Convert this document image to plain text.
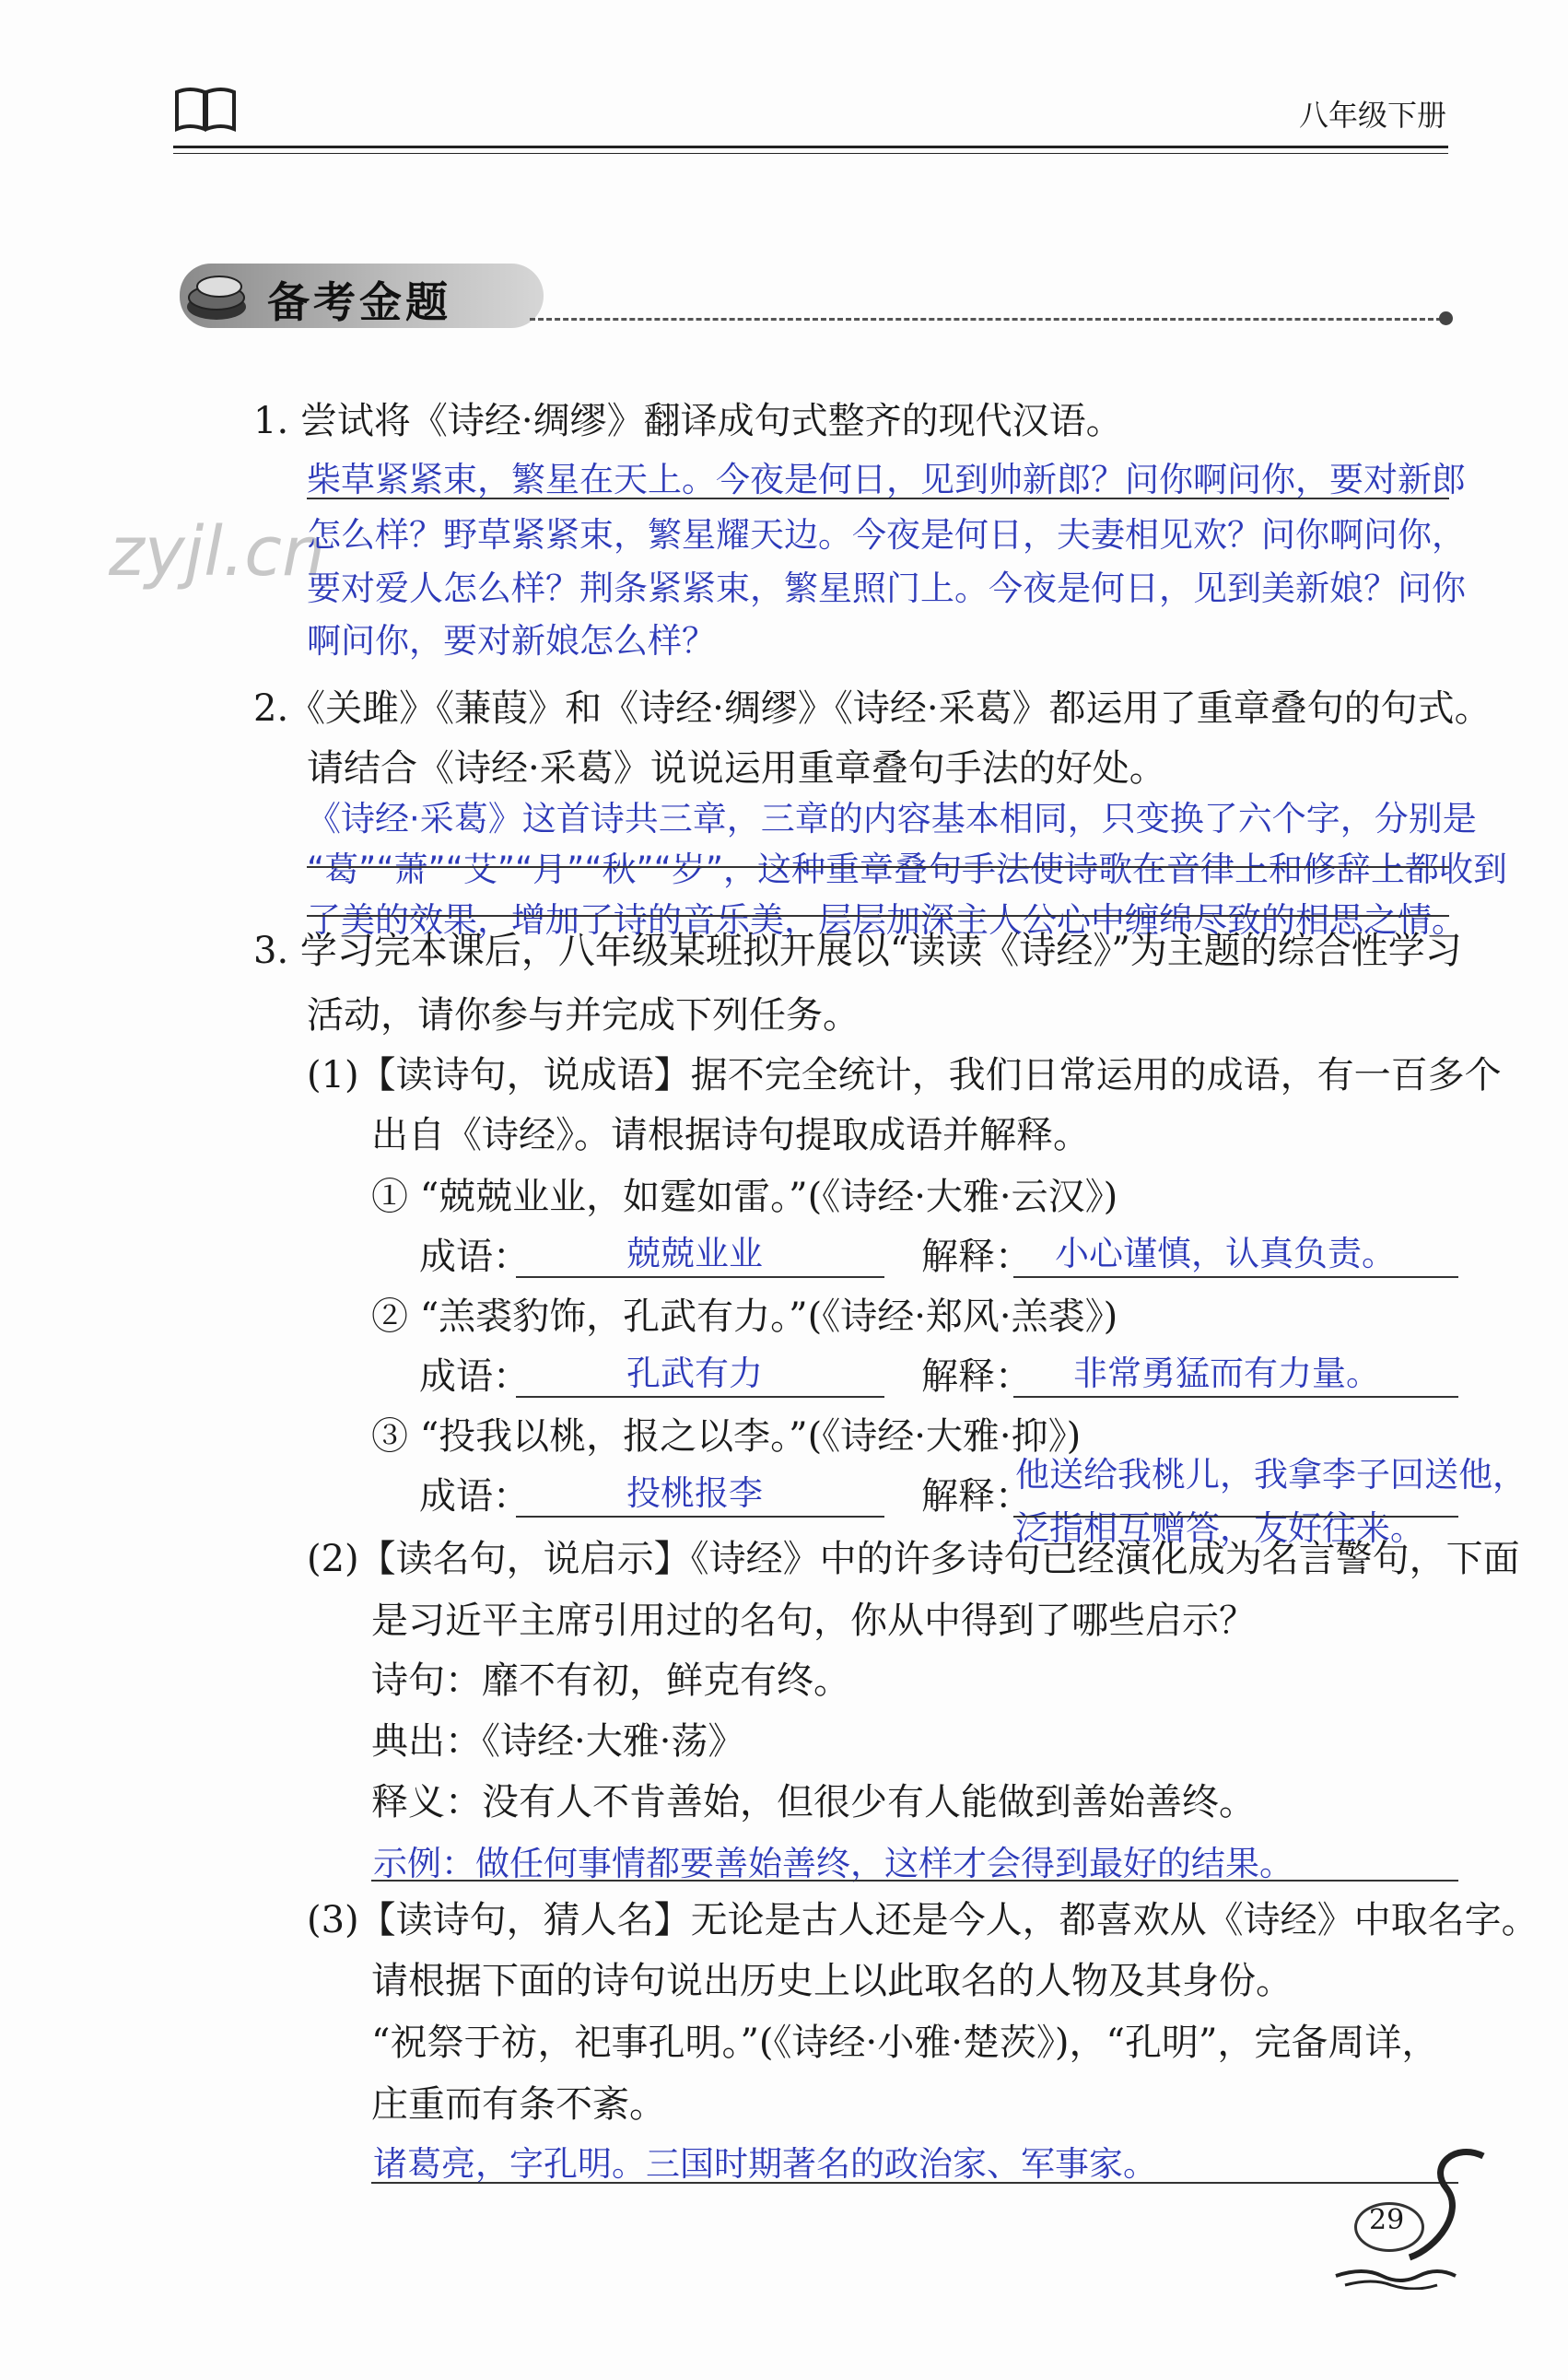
八年级下册
备考金题
zyjl.cn
1. 尝试将《诗经·绸缪》翻译成句式整齐的现代汉语。
柴草紧紧束，繁星在天上。今夜是何日，见到帅新郎？问你啊问你，要对新郎
怎么样？野草紧紧束，繁星耀天边。今夜是何日，夫妻相见欢？问你啊问你，
要对爱人怎么样？荆条紧紧束，繁星照门上。今夜是何日，见到美新娘？问你
啊问你，要对新娘怎么样？
2.《关雎》《蒹葭》和《诗经·绸缪》《诗经·采葛》都运用了重章叠句的句式。
请结合《诗经·采葛》说说运用重章叠句手法的好处。
《诗经·采葛》这首诗共三章，三章的内容基本相同，只变换了六个字，分别是
“葛”“萧”“艾”“月”“秋”“岁”，这种重章叠句手法使诗歌在音律上和修辞上都收到
了美的效果，增加了诗的音乐美，层层加深主人公心中缠绵尽致的相思之情。
3. 学习完本课后，八年级某班拟开展以“读读《诗经》”为主题的综合性学习
活动，请你参与并完成下列任务。
(1)【读诗句，说成语】据不完全统计，我们日常运用的成语，有一百多个
出自《诗经》。请根据诗句提取成语并解释。
① “兢兢业业，如霆如雷。”(《诗经·大雅·云汉》)
成语：	兢兢业业	解释： 小心谨慎，认真负责。
② “羔裘豹饰，孔武有力。”(《诗经·郑风·羔裘》)
成语：	孔武有力	解释： 非常勇猛而有力量。
③ “投我以桃，报之以李。”(《诗经·大雅·抑》)
成语：	投桃报李	解释：
他送给我桃儿，我拿李子回送他，
泛指相互赠答，友好往来。
(2)【读名句，说启示】《诗经》中的许多诗句已经演化成为名言警句，下面
是习近平主席引用过的名句，你从中得到了哪些启示？
诗句：靡不有初，鲜克有终。
典出：《诗经·大雅·荡》
释义：没有人不肯善始，但很少有人能做到善始善终。
示例：做任何事情都要善始善终，这样才会得到最好的结果。
(3)【读诗句，猜人名】无论是古人还是今人，都喜欢从《诗经》中取名字。
请根据下面的诗句说出历史上以此取名的人物及其身份。
“祝祭于祊，祀事孔明。”(《诗经·小雅·楚茨》)，“孔明”，完备周详，
庄重而有条不紊。
诸葛亮，字孔明。三国时期著名的政治家、军事家。
29
